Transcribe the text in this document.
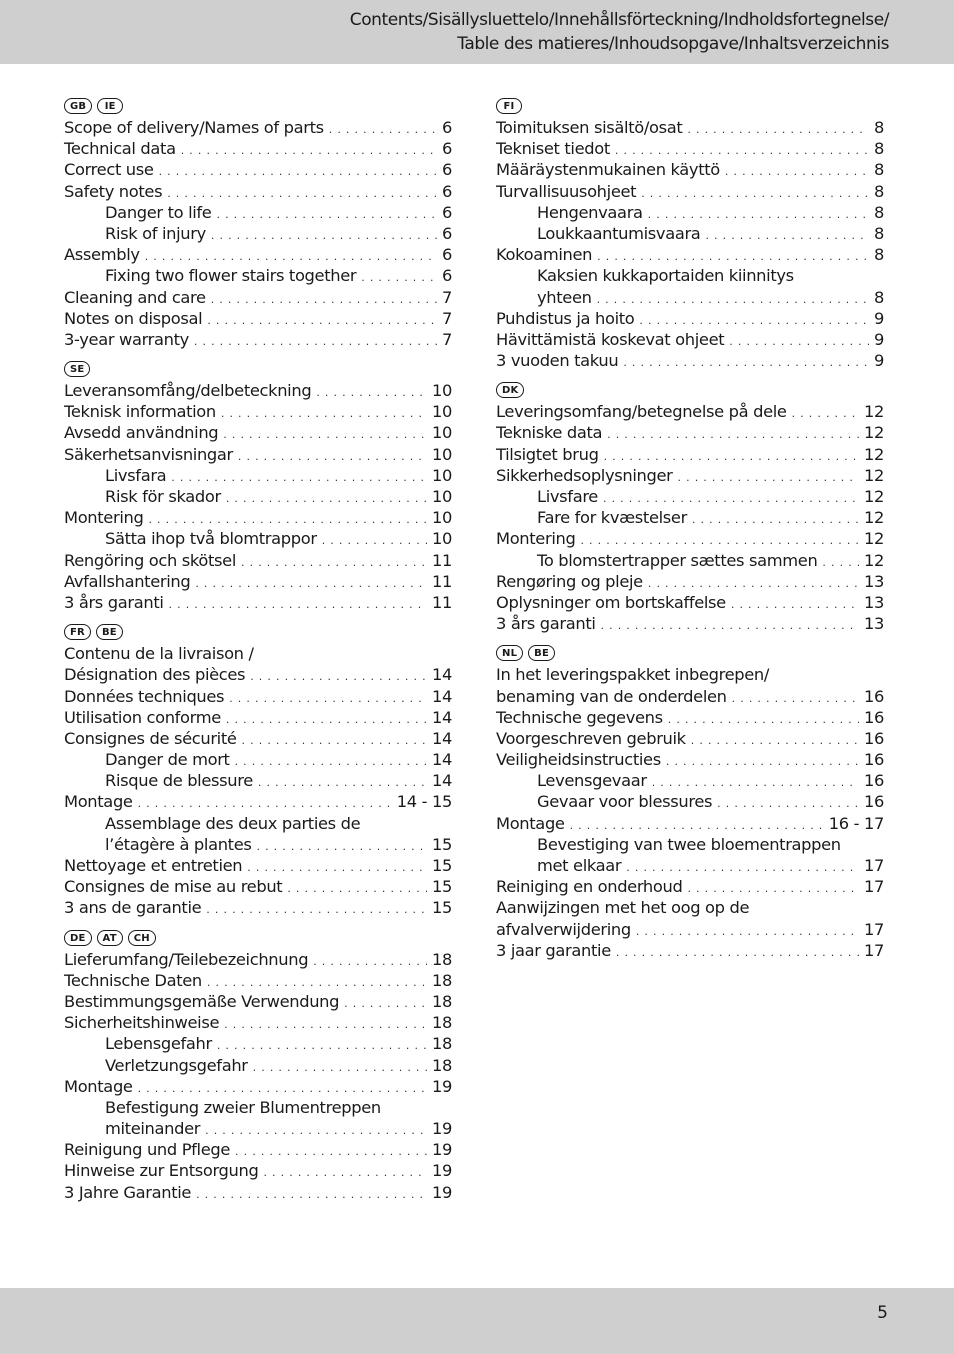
Contents/Sisällysluettelo/Innehållsförteckning/Indholdsfortegnelse/
Table des matieres/Inhoudsopgave/Inhaltsverzeichnis
GB	IE
Scope of delivery/Names of parts . . .	6
Technical data . . .	6
Correct use . . .	6
Safety notes . . .	6
Danger to life . . .	6
Risk of injury . . .	6
Assembly . . .	6
Fixing two flower stairs together . . .	6
Cleaning and care . . .	7
Notes on disposal . . .	7
3-year warranty . . .	7
SE
Leveransomfång/delbeteckning . . .	10
Teknisk information . . .	10
Avsedd användning . . .	10
Säkerhetsanvisningar . . .	10
Livsfara . . .	10
Risk för skador . . .	10
Montering . . .	10
Sätta ihop två blomtrappor . . .	10
Rengöring och skötsel . . .	11
Avfallshantering . . .	11
3 års garanti . . .	11
FR	BE
Contenu de la livraison /
Désignation des pièces . . .	14
Données techniques . . .	14
Utilisation conforme . . .	14
Consignes de sécurité . . .	14
Danger de mort . . .	14
Risque de blessure . . .	14
Montage . . .	14 - 15
Assemblage des deux parties de
l’étagère à plantes . . .	15
Nettoyage et entretien . . .	15
Consignes de mise au rebut . . .	15
3 ans de garantie . . .	15
DE	AT	CH
Lieferumfang/Teilebezeichnung . . .	18
Technische Daten . . .	18
Bestimmungsgemäße Verwendung . . .	18
Sicherheitshinweise . . .	18
Lebensgefahr . . .	18
Verletzungsgefahr . . .	18
Montage . . .	19
Befestigung zweier Blumentreppen
miteinander . . .	19
Reinigung und Pflege . . .	19
Hinweise zur Entsorgung . . .	19
3 Jahre Garantie . . .	19
FI
Toimituksen sisältö/osat . . .	8
Tekniset tiedot . . .	8
Määräystenmukainen käyttö . . .	8
Turvallisuusohjeet . . .	8
Hengenvaara . . .	8
Loukkaantumisvaara . . .	8
Kokoaminen . . .	8
Kaksien kukkaportaiden kiinnitys
yhteen . . .	8
Puhdistus ja hoito . . .	9
Hävittämistä koskevat ohjeet . . .	9
3 vuoden takuu . . .	9
DK
Leveringsomfang/betegnelse på dele . . .	12
Tekniske data . . .	12
Tilsigtet brug . . .	12
Sikkerhedsoplysninger . . .	12
Livsfare . . .	12
Fare for kvæstelser . . .	12
Montering . . .	12
To blomstertrapper sættes sammen . . .	12
Rengøring og pleje . . .	13
Oplysninger om bortskaffelse . . .	13
3 års garanti . . .	13
NL	BE
In het leveringspakket inbegrepen/
benaming van de onderdelen . . .	16
Technische gegevens . . .	16
Voorgeschreven gebruik . . .	16
Veiligheidsinstructies . . .	16
Levensgevaar . . .	16
Gevaar voor blessures . . .	16
Montage . . .	16 - 17
Bevestiging van twee bloementrappen
met elkaar . . .	17
Reiniging en onderhoud . . .	17
Aanwijzingen met het oog op de
afvalverwijdering . . .	17
3 jaar garantie . . .	17
5
